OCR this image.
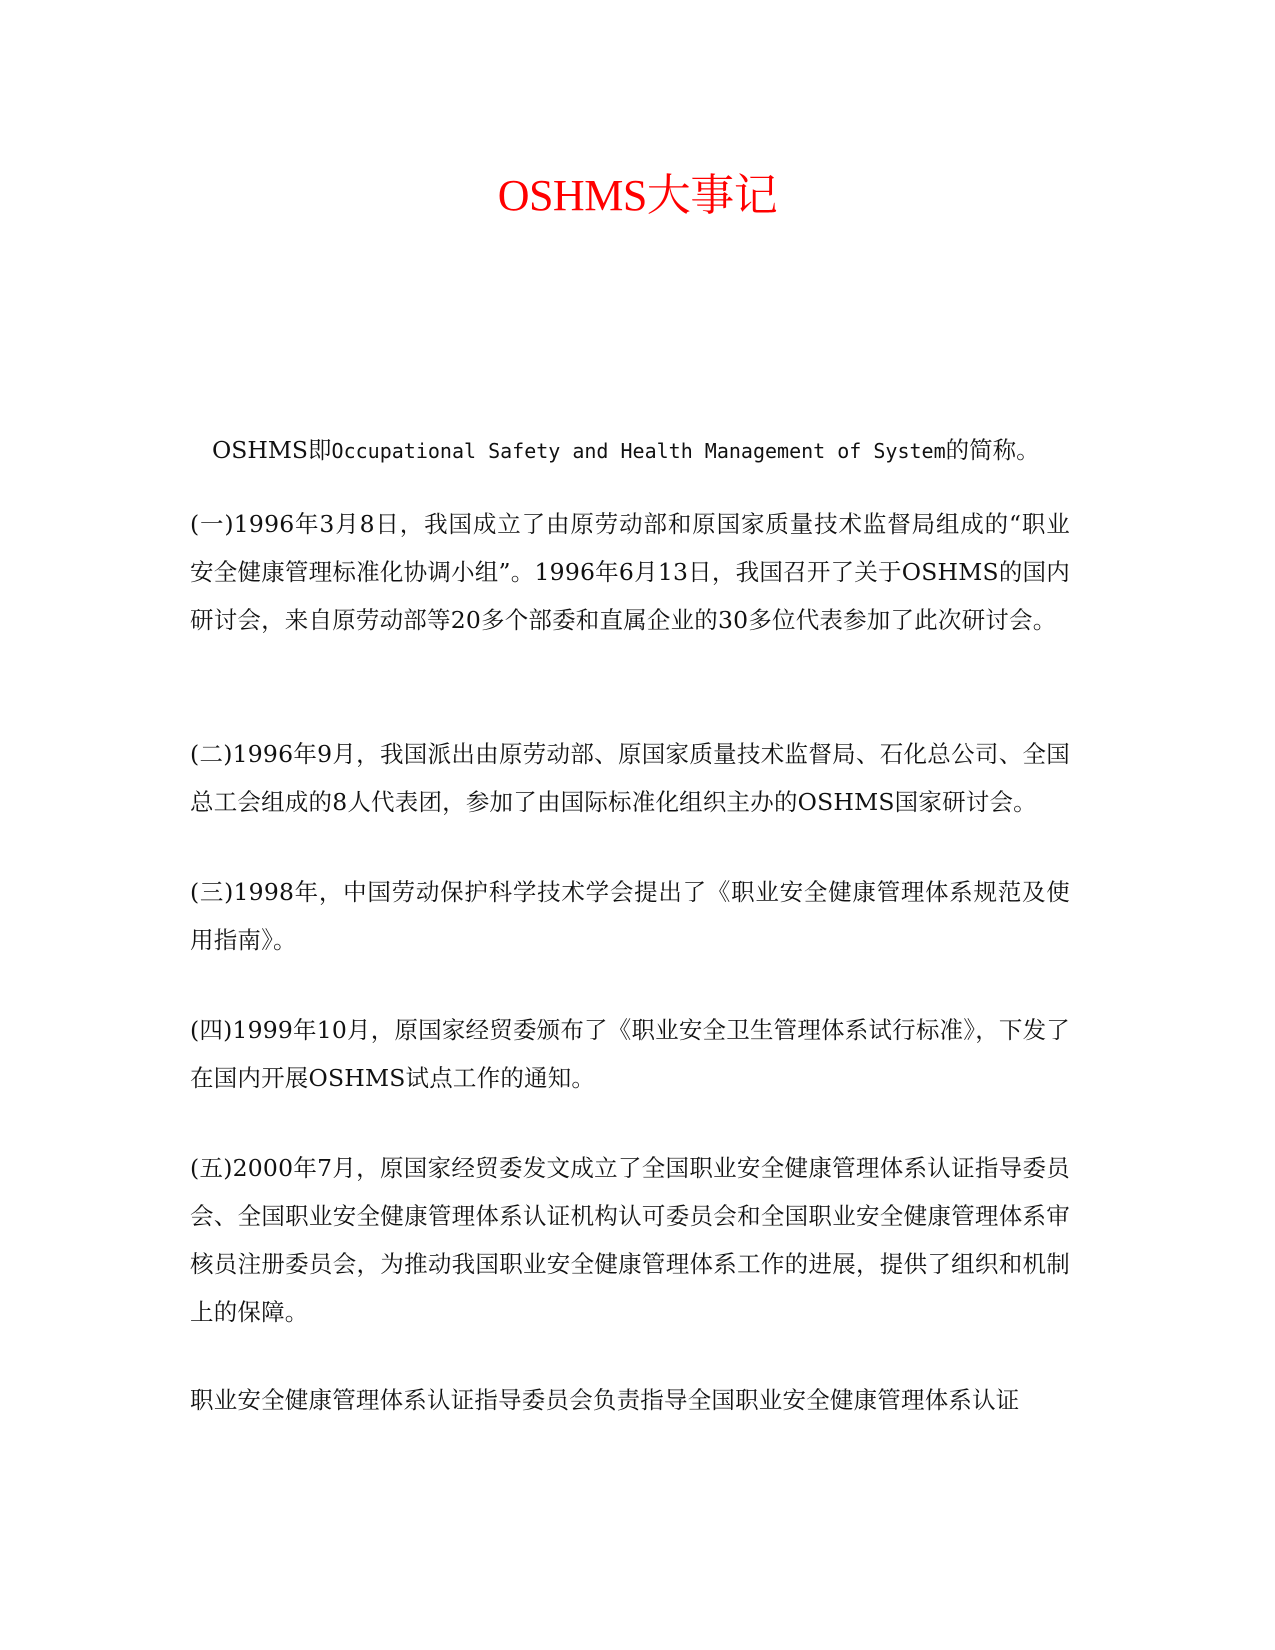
OSHMS大事记

OSHMS即Occupational Safety and Health Management of System的简称。

(一)1996年3月8日，我国成立了由原劳动部和原国家质量技术监督局组成的“职业安全健康管理标准化协调小组”。1996年6月13日，我国召开了关于OSHMS的国内研讨会，来自原劳动部等20多个部委和直属企业的30多位代表参加了此次研讨会。

(二)1996年9月，我国派出由原劳动部、原国家质量技术监督局、石化总公司、全国总工会组成的8人代表团，参加了由国际标准化组织主办的OSHMS国家研讨会。

(三)1998年，中国劳动保护科学技术学会提出了《职业安全健康管理体系规范及使用指南》。

(四)1999年10月，原国家经贸委颁布了《职业安全卫生管理体系试行标准》，下发了在国内开展OSHMS试点工作的通知。

(五)2000年7月，原国家经贸委发文成立了全国职业安全健康管理体系认证指导委员会、全国职业安全健康管理体系认证机构认可委员会和全国职业安全健康管理体系审核员注册委员会，为推动我国职业安全健康管理体系工作的进展，提供了组织和机制上的保障。

职业安全健康管理体系认证指导委员会负责指导全国职业安全健康管理体系认证
